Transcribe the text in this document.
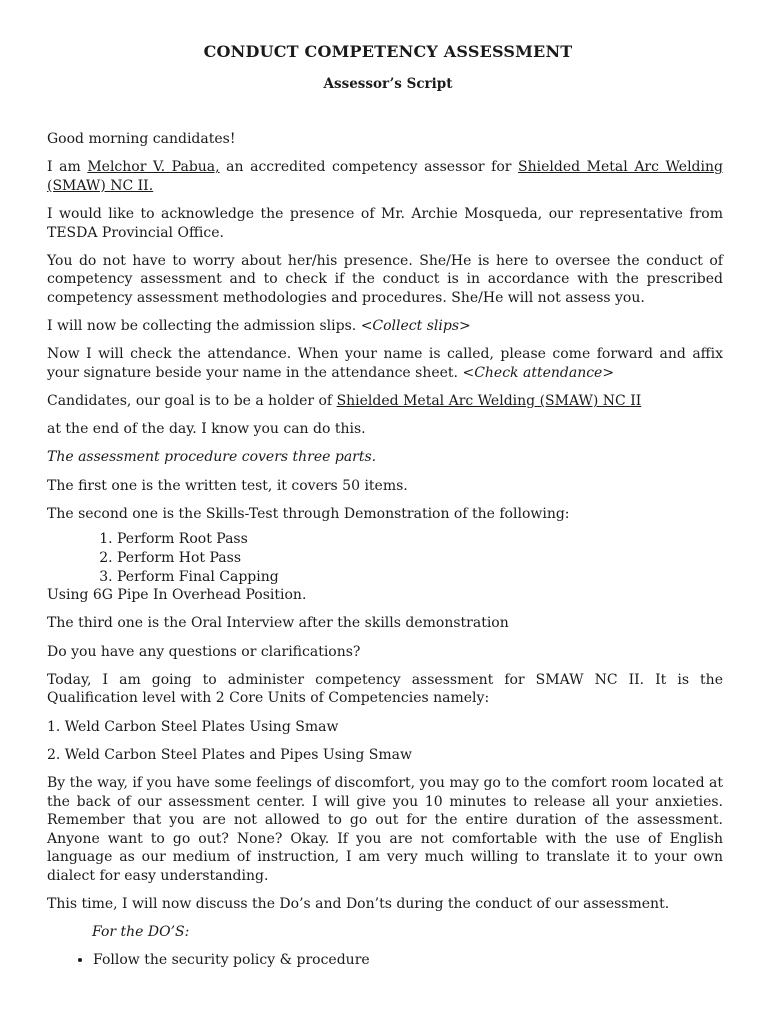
CONDUCT COMPETENCY ASSESSMENT
Assessor’s Script

Good morning candidates!

I am Melchor V. Pabua, an accredited competency assessor for Shielded Metal Arc Welding (SMAW) NC II.

I would like to acknowledge the presence of Mr. Archie Mosqueda, our representative from TESDA Provincial Office.

You do not have to worry about her/his presence. She/He is here to oversee the conduct of competency assessment and to check if the conduct is in accordance with the prescribed competency assessment methodologies and procedures. She/He will not assess you.

I will now be collecting the admission slips. <Collect slips>

Now I will check the attendance. When your name is called, please come forward and affix your signature beside your name in the attendance sheet. <Check attendance>

Candidates, our goal is to be a holder of Shielded Metal Arc Welding (SMAW) NC II

at the end of the day. I know you can do this.

The assessment procedure covers three parts.

The first one is the written test, it covers 50 items.

The second one is the Skills-Test through Demonstration of the following:

1. Perform Root Pass
2. Perform Hot Pass
3. Perform Final Capping

Using 6G Pipe In Overhead Position.

The third one is the Oral Interview after the skills demonstration

Do you have any questions or clarifications?

Today, I am going to administer competency assessment for SMAW NC II. It is the Qualification level with 2 Core Units of Competencies namely:

1. Weld Carbon Steel Plates Using Smaw

2. Weld Carbon Steel Plates and Pipes Using Smaw

By the way, if you have some feelings of discomfort, you may go to the comfort room located at the back of our assessment center. I will give you 10 minutes to release all your anxieties. Remember that you are not allowed to go out for the entire duration of the assessment. Anyone want to go out? None? Okay. If you are not comfortable with the use of English language as our medium of instruction, I am very much willing to translate it to your own dialect for easy understanding.

This time, I will now discuss the Do’s and Don’ts during the conduct of our assessment.

For the DO’S:

• Follow the security policy & procedure
